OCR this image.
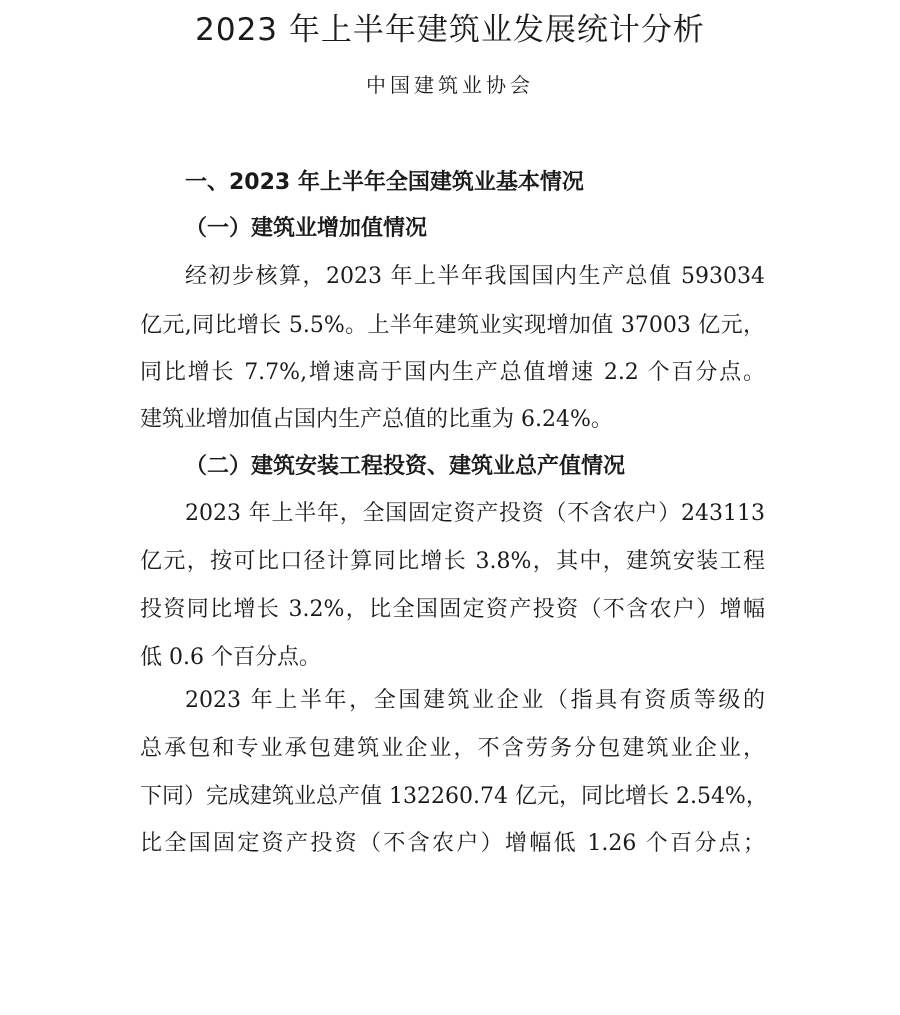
2023 年上半年建筑业发展统计分析

中国建筑业协会

一、2023 年上半年全国建筑业基本情况

（一）建筑业增加值情况

经初步核算，2023 年上半年我国国内生产总值 593034

亿元,同比增长 5.5%。上半年建筑业实现增加值 37003 亿元，

同比增长 7.7%,增速高于国内生产总值增速 2.2 个百分点。

建筑业增加值占国内生产总值的比重为 6.24%。

（二）建筑安装工程投资、建筑业总产值情况

2023 年上半年，全国固定资产投资（不含农户）243113

亿元，按可比口径计算同比增长 3.8%，其中，建筑安装工程

投资同比增长 3.2%，比全国固定资产投资（不含农户）增幅

低 0.6 个百分点。

2023 年上半年，全国建筑业企业（指具有资质等级的

总承包和专业承包建筑业企业，不含劳务分包建筑业企业，

下同）完成建筑业总产值 132260.74 亿元，同比增长 2.54%，

比全国固定资产投资（不含农户）增幅低 1.26 个百分点；
